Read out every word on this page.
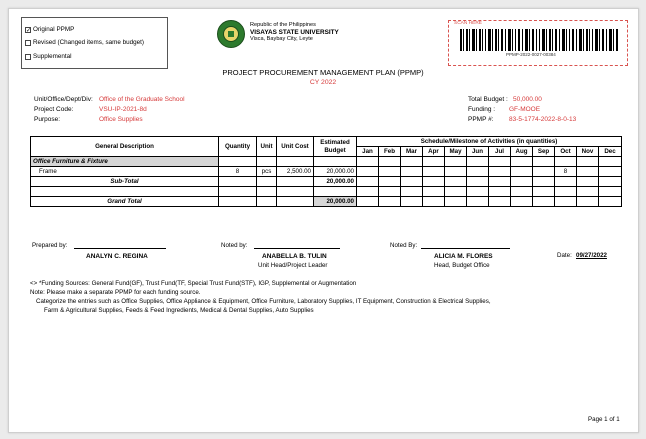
✓ Original PPMP
Revised (Changed items, same budget)
Supplemental
Republic of the Philippines
VISAYAS STATE UNIVERSITY
Visca, Baybay City, Leyte
SCAN HERE
PPMP-2022-0027-00384
PROJECT PROCUREMENT MANAGEMENT PLAN (PPMP)
CY 2022
Unit/Office/Dept/Div: Office of the Graduate School
Project Code:	VSU-IP-2021-8d
Purpose:	Office Supplies
Total Budget : 50,000.00
Funding : GF-MOOE
PPMP #: 83-5-1774-2022-8-0-13
General Description	Quantity	Unit	Unit Cost	Estimated Budget	Schedule/Milestone of Activities (in quantities)											
					Jan	Feb	Mar	Apr	May	Jun	Jul	Aug	Sep	Oct	Nov	Dec
Office Furniture & Fixture																
Frame	8	pcs	2,500.00	20,000.00										8		
Sub-Total				20,000.00												

Grand Total				20,000.00												
Prepared by:
ANALYN C. REGINA
Noted by:
ANABELLA B. TULIN
Unit Head/Project Leader
Noted By:
ALICIA M. FLORES
Head, Budget Office
Date: 09/27/2022
<> *Funding Sources: General Fund(GF), Trust Fund(TF, Special Trust Fund(STF), IGP, Supplemental or Augmentation
Note: Please make a separate PPMP for each funding source.
Categorize the entries such as Office Supplies, Office Appliance & Equipment, Office Furniture, Laboratory Supplies, IT Equipment, Construction & Electrical Supplies,
Farm & Agricultural Supplies, Feeds & Feed Ingredients, Medical & Dental Supplies, Auto Supplies
Page 1 of 1
